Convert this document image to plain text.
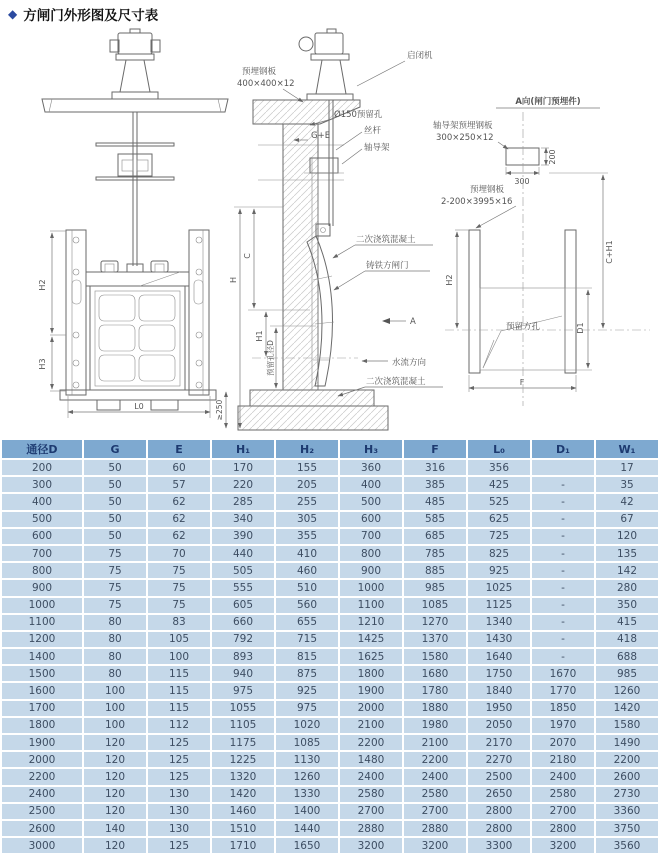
◆ 方闸门外形图及尺寸表
H2
H3
L0
预埋钢板
400×400×12
启闭机
Ø150预留孔
G+E	丝杆
轴导架
二次浇筑混凝土
铸铁方闸门
A
水流方向
二次浇筑混凝土
H
C
H1
预留孔径D
≥250
A向(闸门预埋件)
轴导架预埋钢板
300×250×12
200
300
预埋钢板
2-200×3995×16
预留方孔
H2
C+H1
D1
F
通径D	G	E	H₁	H₂	H₃	F	L₀	D₁	W₁
200	50	60	170	155	360	316	356		17
300	50	57	220	205	400	385	425	-	35
400	50	62	285	255	500	485	525	-	42
500	50	62	340	305	600	585	625	-	67
600	50	62	390	355	700	685	725	-	120
700	75	70	440	410	800	785	825	-	135
800	75	75	505	460	900	885	925	-	142
900	75	75	555	510	1000	985	1025	-	280
1000	75	75	605	560	1100	1085	1125	-	350
1100	80	83	660	655	1210	1270	1340	-	415
1200	80	105	792	715	1425	1370	1430	-	418
1400	80	100	893	815	1625	1580	1640	-	688
1500	80	115	940	875	1800	1680	1750	1670	985
1600	100	115	975	925	1900	1780	1840	1770	1260
1700	100	115	1055	975	2000	1880	1950	1850	1420
1800	100	112	1105	1020	2100	1980	2050	1970	1580
1900	120	125	1175	1085	2200	2100	2170	2070	1490
2000	120	125	1225	1130	1480	2200	2270	2180	2200
2200	120	125	1320	1260	2400	2400	2500	2400	2600
2400	120	130	1420	1330	2580	2580	2650	2580	2730
2500	120	130	1460	1400	2700	2700	2800	2700	3360
2600	140	130	1510	1440	2880	2880	2800	2800	3750
3000	120	125	1710	1650	3200	3200	3300	3200	3560
